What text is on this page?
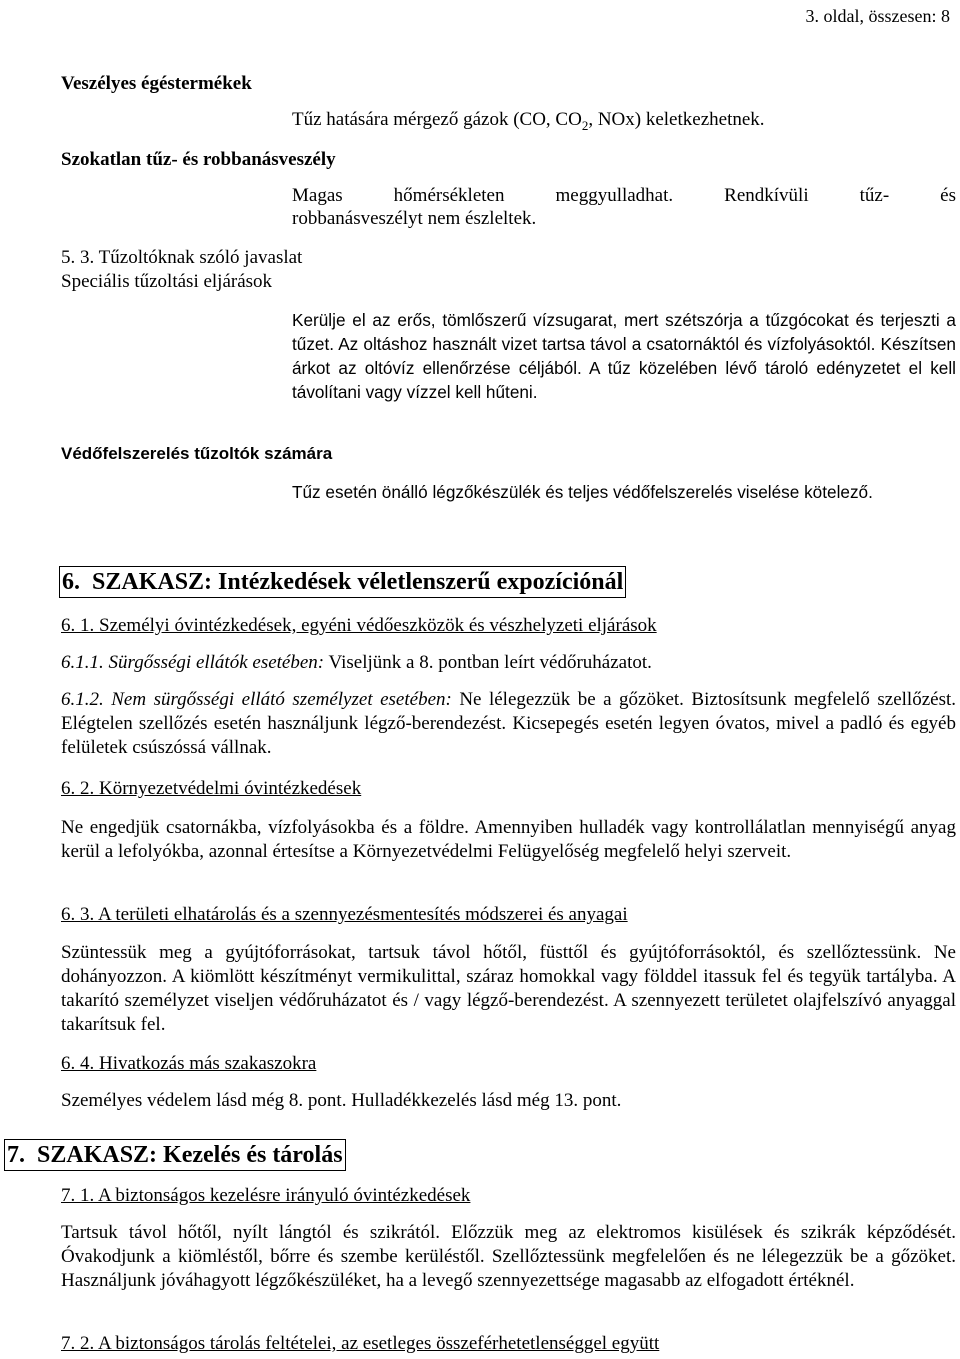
3. oldal, összesen: 8
Veszélyes égéstermékek
Tűz hatására mérgező gázok (CO, $CO_2$, NOx) keletkezhetnek.
Szokatlan tűz- és robbanásveszély
Magas hőmérsékleten meggyulladhat. Rendkívüli tűz- és
robbanásveszélyt nem észleltek.
5. 3. Tűzoltóknak szóló javaslat
Speciális tűzoltási eljárások
Kerülje el az erős, tömlőszerű vízsugarat, mert szétszórja a tűzgócokat és terjeszti a tűzet. Az oltáshoz használt vizet tartsa távol a csatornáktól és vízfolyásoktól. Készítsen árkot az oltóvíz ellenőrzése céljából. A tűz közelében lévő tároló edényzetet el kell távolítani vagy vízzel kell hűteni.
Védőfelszerelés tűzoltók számára
Tűz esetén önálló légzőkészülék és teljes védőfelszerelés viselése kötelező.
6.  SZAKASZ: Intézkedések véletlenszerű expozíciónál
6. 1. Személyi óvintézkedések, egyéni védőeszközök és vészhelyzeti eljárások
6.1.1. Sürgősségi ellátók esetében: Viseljünk a 8. pontban leírt védőruházatot.
6.1.2. Nem sürgősségi ellátó személyzet esetében: Ne lélegezzük be a gőzöket. Biztosítsunk megfelelő szellőzést. Elégtelen szellőzés esetén használjunk légző-berendezést. Kicsepegés esetén legyen óvatos, mivel a padló és egyéb felületek csúszóssá vállnak.
6. 2. Környezetvédelmi óvintézkedések
Ne engedjük csatornákba, vízfolyásokba és a földre. Amennyiben hulladék vagy kontrollálatlan mennyiségű anyag kerül a lefolyókba, azonnal értesítse a Környezetvédelmi Felügyelőség megfelelő helyi szerveit.
6. 3. A területi elhatárolás és a szennyezésmentesítés módszerei és anyagai
Szüntessük meg a gyújtóforrásokat, tartsuk távol hőtől, füsttől és gyújtóforrásoktól, és szellőztessünk. Ne dohányozzon. A kiömlött készítményt vermikulittal, száraz homokkal vagy földdel itassuk fel és tegyük tartályba. A takarító személyzet viseljen védőruházatot és / vagy légző-berendezést. A szennyezett területet olajfelszívó anyaggal takarítsuk fel.
6. 4. Hivatkozás más szakaszokra
Személyes védelem lásd még 8. pont. Hulladékkezelés lásd még 13. pont.
7.  SZAKASZ: Kezelés és tárolás
7. 1. A biztonságos kezelésre irányuló óvintézkedések
Tartsuk távol hőtől, nyílt lángtól és szikrától. Előzzük meg az elektromos kisülések és szikrák képződését. Óvakodjunk a kiömléstől, bőrre és szembe kerüléstől. Szellőztessünk megfelelően és ne lélegezzük be a gőzöket. Használjunk jóváhagyott légzőkészüléket, ha a levegő szennyezettsége magasabb az elfogadott értéknél.
7. 2. A biztonságos tárolás feltételei, az esetleges összeférhetetlenséggel együtt
